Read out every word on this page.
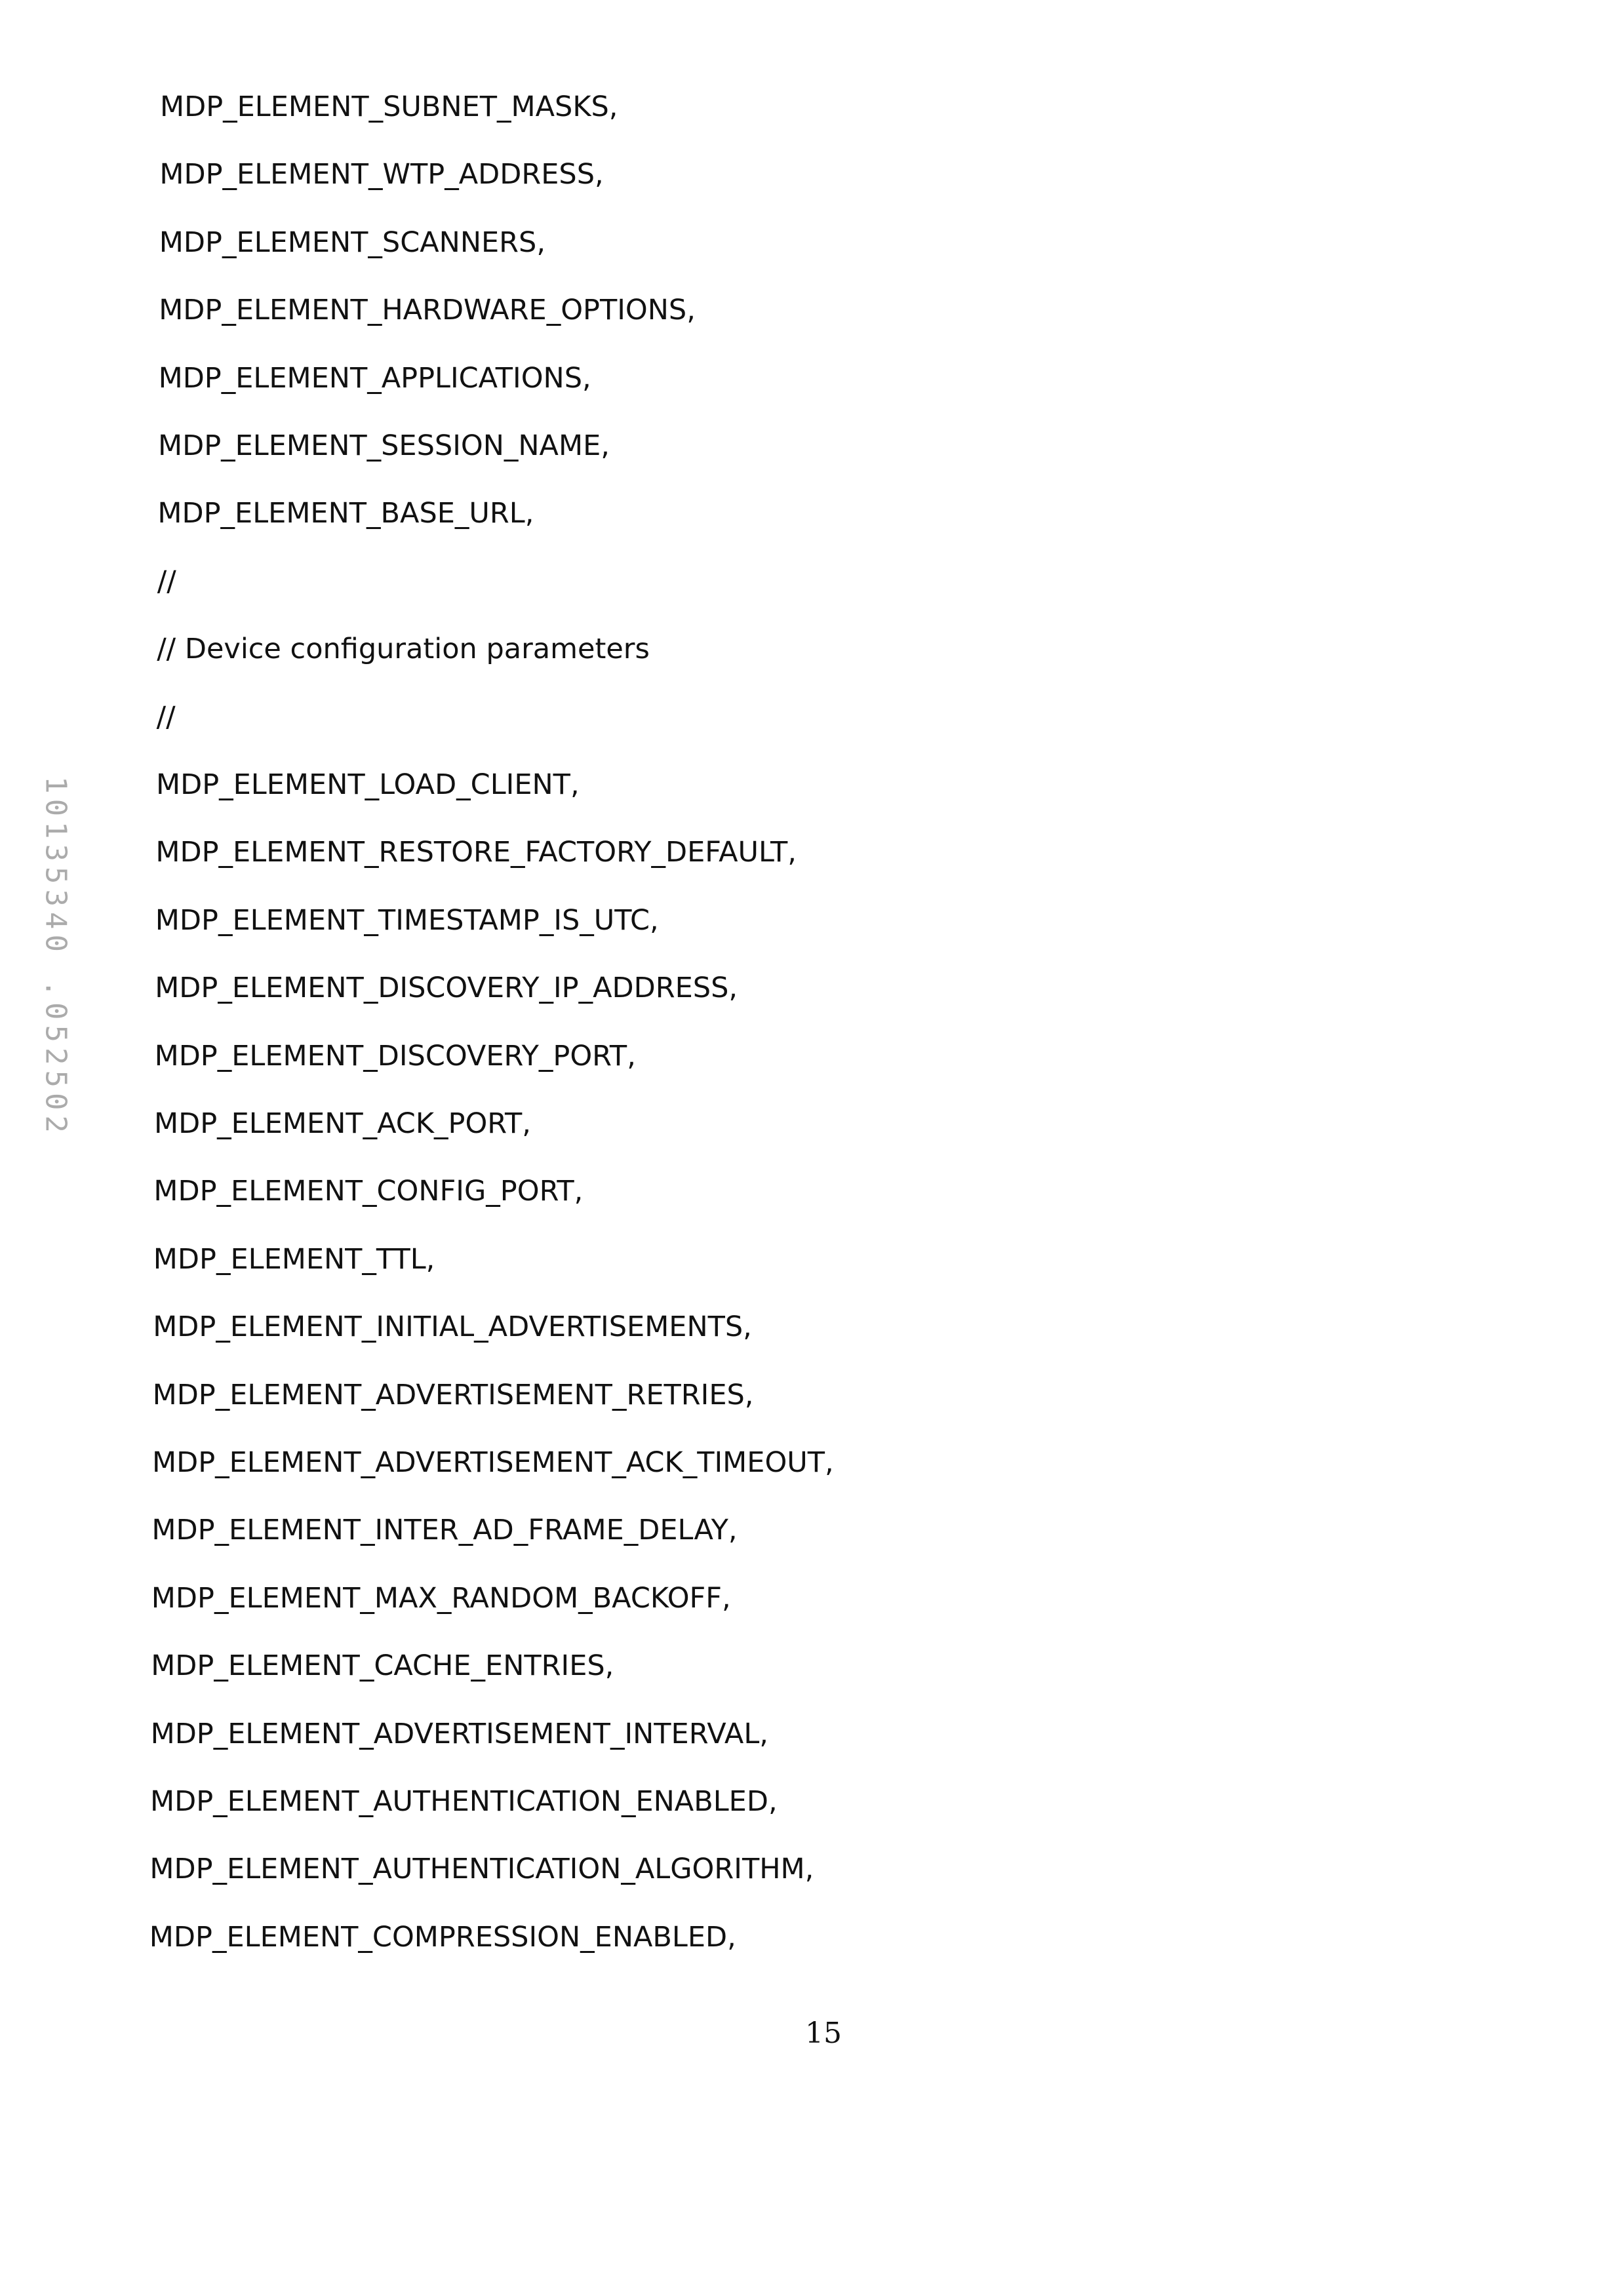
10135340 .052502
MDP_ELEMENT_SUBNET_MASKS,
MDP_ELEMENT_WTP_ADDRESS,
MDP_ELEMENT_SCANNERS,
MDP_ELEMENT_HARDWARE_OPTIONS,
MDP_ELEMENT_APPLICATIONS,
MDP_ELEMENT_SESSION_NAME,
MDP_ELEMENT_BASE_URL,
//
// Device configuration parameters
//
MDP_ELEMENT_LOAD_CLIENT,
MDP_ELEMENT_RESTORE_FACTORY_DEFAULT,
MDP_ELEMENT_TIMESTAMP_IS_UTC,
MDP_ELEMENT_DISCOVERY_IP_ADDRESS,
MDP_ELEMENT_DISCOVERY_PORT,
MDP_ELEMENT_ACK_PORT,
MDP_ELEMENT_CONFIG_PORT,
MDP_ELEMENT_TTL,
MDP_ELEMENT_INITIAL_ADVERTISEMENTS,
MDP_ELEMENT_ADVERTISEMENT_RETRIES,
MDP_ELEMENT_ADVERTISEMENT_ACK_TIMEOUT,
MDP_ELEMENT_INTER_AD_FRAME_DELAY,
MDP_ELEMENT_MAX_RANDOM_BACKOFF,
MDP_ELEMENT_CACHE_ENTRIES,
MDP_ELEMENT_ADVERTISEMENT_INTERVAL,
MDP_ELEMENT_AUTHENTICATION_ENABLED,
MDP_ELEMENT_AUTHENTICATION_ALGORITHM,
MDP_ELEMENT_COMPRESSION_ENABLED,
15
